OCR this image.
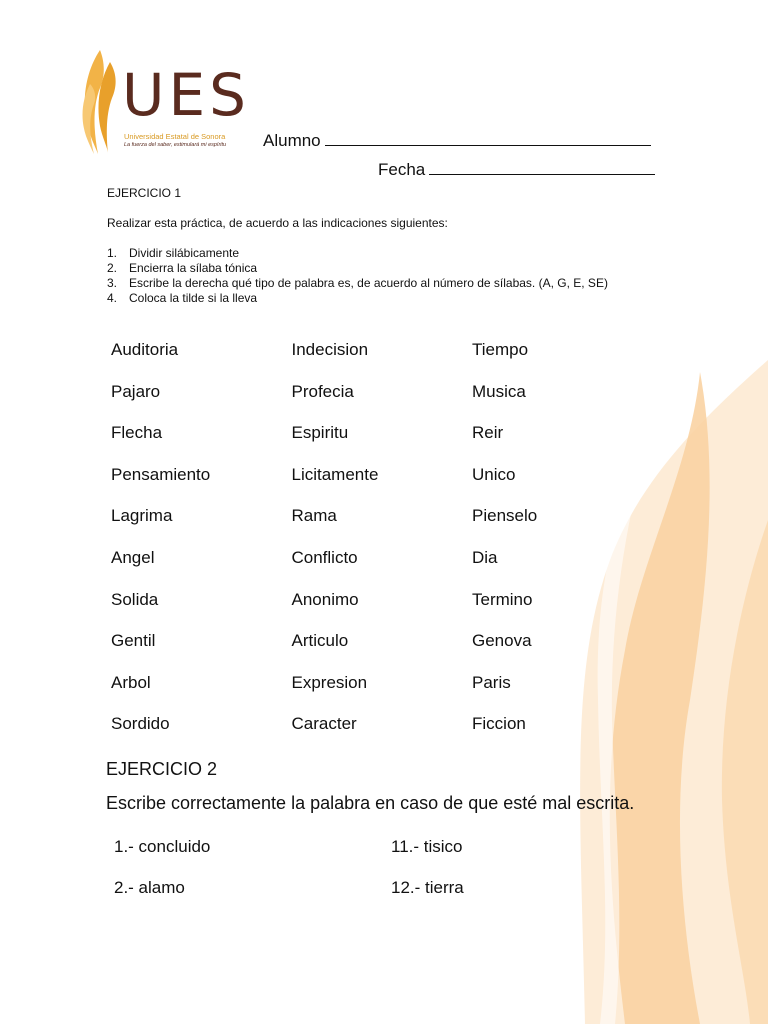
UES
Universidad Estatal de Sonora
La fuerza del saber, estimulará mi espíritu Alumno
Fecha
EJERCICIO 1
Realizar esta práctica, de acuerdo a las indicaciones siguientes:
1. Dividir silábicamente
2. Encierra la sílaba tónica
3. Escribe la derecha qué tipo de palabra es, de acuerdo al número de sílabas. (A, G, E, SE)
4. Coloca la tilde si la lleva
Auditoria	Indecision	Tiempo
Pajaro	Profecia	Musica
Flecha	Espiritu	Reir
Pensamiento	Licitamente	Unico
Lagrima	Rama	Pienselo
Angel	Conflicto	Dia
Solida	Anonimo	Termino
Gentil	Articulo	Genova
Arbol	Expresion	Paris
Sordido	Caracter	Ficcion
EJERCICIO 2
Escribe correctamente la palabra en caso de que esté mal escrita.
1.- concluido	11.- tisico
2.- alamo	12.- tierra
